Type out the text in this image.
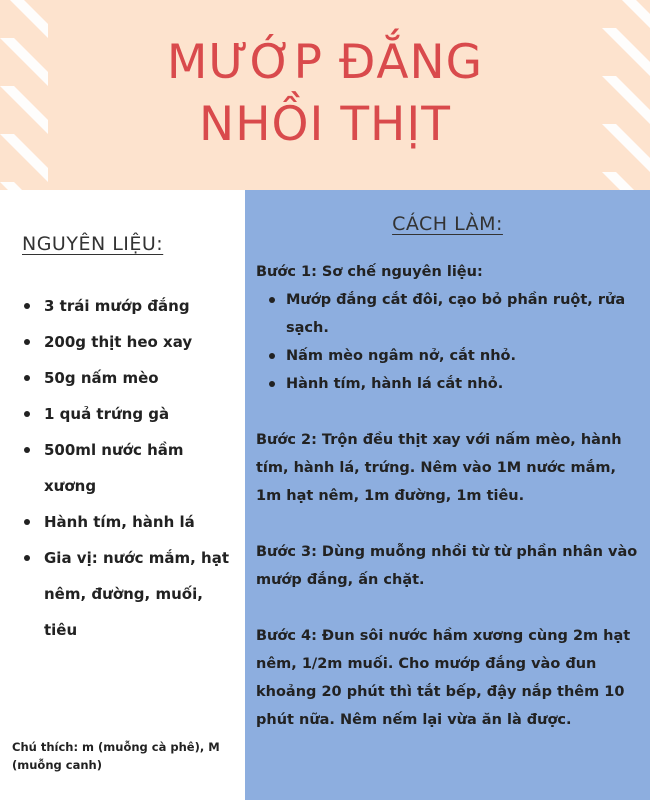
MƯỚP ĐẮNG
NHỒI THỊT
NGUYÊN LIỆU:
3 trái mướp đắng
200g thịt heo xay
50g nấm mèo
1 quả trứng gà
500ml nước hầm xương
Hành tím, hành lá
Gia vị: nước mắm, hạt nêm, đường, muối, tiêu
Chú thích: m (muỗng cà phê), M (muỗng canh)
CÁCH LÀM:

Bước 1: Sơ chế nguyên liệu:

Mướp đắng cắt đôi, cạo bỏ phần ruột, rửa sạch.
Nấm mèo ngâm nở, cắt nhỏ.
Hành tím, hành lá cắt nhỏ.

Bước 2: Trộn đều thịt xay với nấm mèo, hành tím, hành lá, trứng. Nêm vào 1M nước mắm, 1m hạt nêm, 1m đường, 1m tiêu.

Bước 3: Dùng muỗng nhồi từ từ phần nhân vào mướp đắng, ấn chặt.

Bước 4: Đun sôi nước hầm xương cùng 2m hạt nêm, 1/2m muối. Cho mướp đắng vào đun khoảng 20 phút thì tắt bếp, đậy nắp thêm 10 phút nữa. Nêm nếm lại vừa ăn là được.
